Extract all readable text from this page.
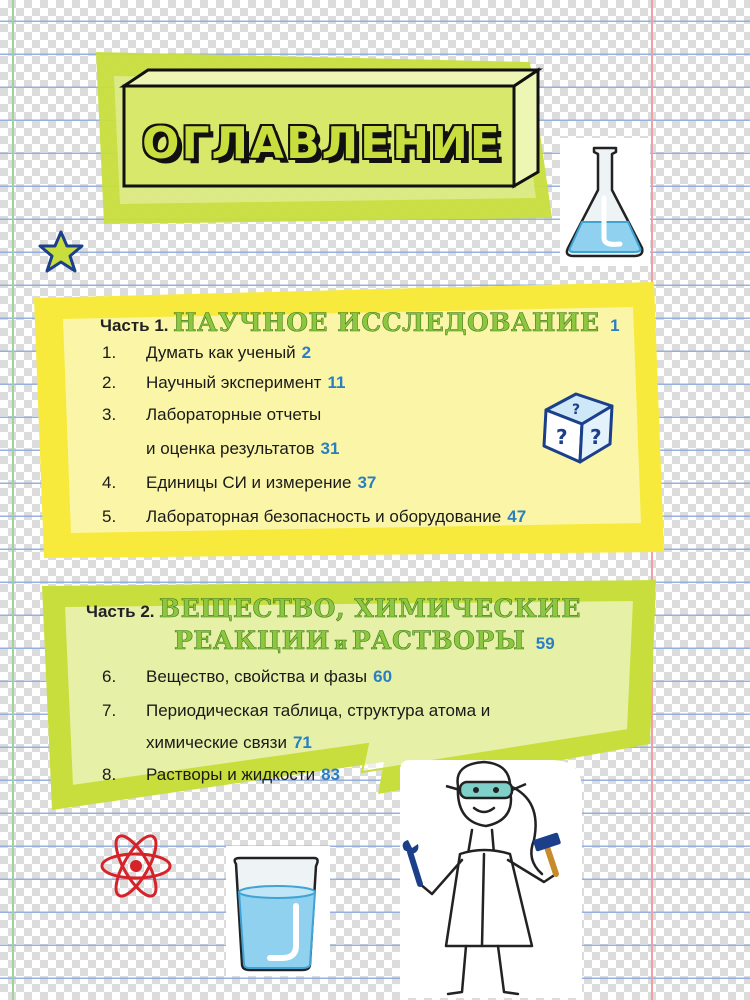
ОГЛАВЛЕНИЕ
Часть 1. НАУЧНОЕ ИССЛЕДОВАНИЕ 1
1. Думать как ученый 2
2. Научный эксперимент 11
3. Лабораторные отчеты
и оценка результатов 31
4. Единицы СИ и измерение 37
5. Лабораторная безопасность и оборудование 47
? ?
?
Часть 2. ВЕЩЕСТВО, ХИМИЧЕСКИЕ
РЕАКЦИИ и РАСТВОРЫ 59
6. Вещество, свойства и фазы 60
7. Периодическая таблица, структура атома и
химические связи 71
8. Растворы и жидкости 83
